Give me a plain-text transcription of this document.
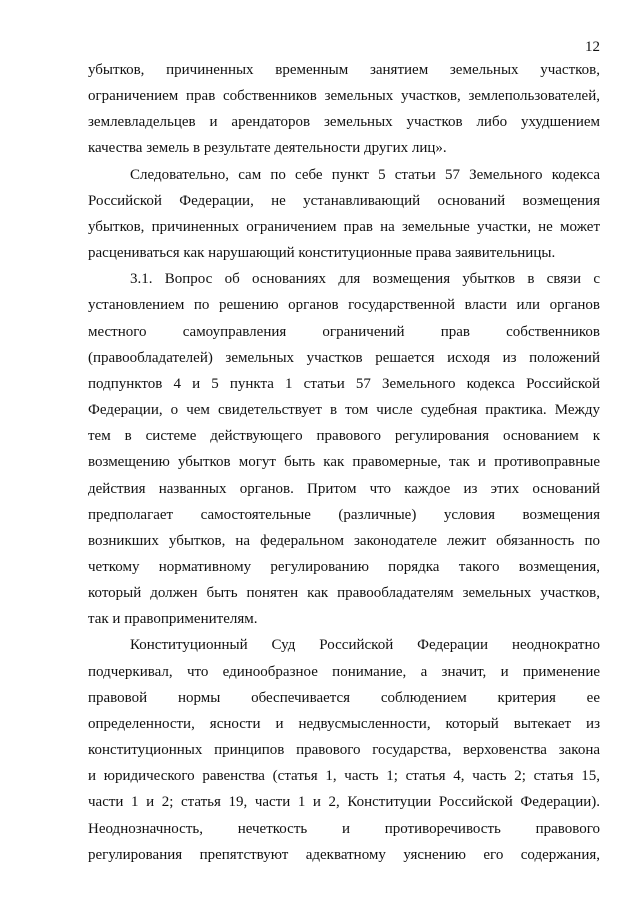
12

убытков, причиненных временным занятием земельных участков,
ограничением прав собственников земельных участков, землепользователей,
землевладельцев и арендаторов земельных участков либо ухудшением
качества земель в результате деятельности других лиц».

Следовательно, сам по себе пункт 5 статьи 57 Земельного кодекса
Российской Федерации, не устанавливающий оснований возмещения
убытков, причиненных ограничением прав на земельные участки, не может
расцениваться как нарушающий конституционные права заявительницы.

3.1. Вопрос об основаниях для возмещения убытков в связи с
установлением по решению органов государственной власти или органов
местного самоуправления ограничений прав собственников
(правообладателей) земельных участков решается исходя из положений
подпунктов 4 и 5 пункта 1 статьи 57 Земельного кодекса Российской
Федерации, о чем свидетельствует в том числе судебная практика. Между
тем в системе действующего правового регулирования основанием к
возмещению убытков могут быть как правомерные, так и противоправные
действия названных органов. Притом что каждое из этих оснований
предполагает самостоятельные (различные) условия возмещения
возникших убытков, на федеральном законодателе лежит обязанность по
четкому нормативному регулированию порядка такого возмещения,
который должен быть понятен как правообладателям земельных участков,
так и правоприменителям.

Конституционный Суд Российской Федерации неоднократно
подчеркивал, что единообразное понимание, а значит, и применение
правовой нормы обеспечивается соблюдением критерия ее
определенности, ясности и недвусмысленности, который вытекает из
конституционных принципов правового государства, верховенства закона
и юридического равенства (статья 1, часть 1; статья 4, часть 2; статья 15,
части 1 и 2; статья 19, части 1 и 2, Конституции Российской Федерации).
Неоднозначность, нечеткость и противоречивость правового
регулирования препятствуют адекватному уяснению его содержания,
